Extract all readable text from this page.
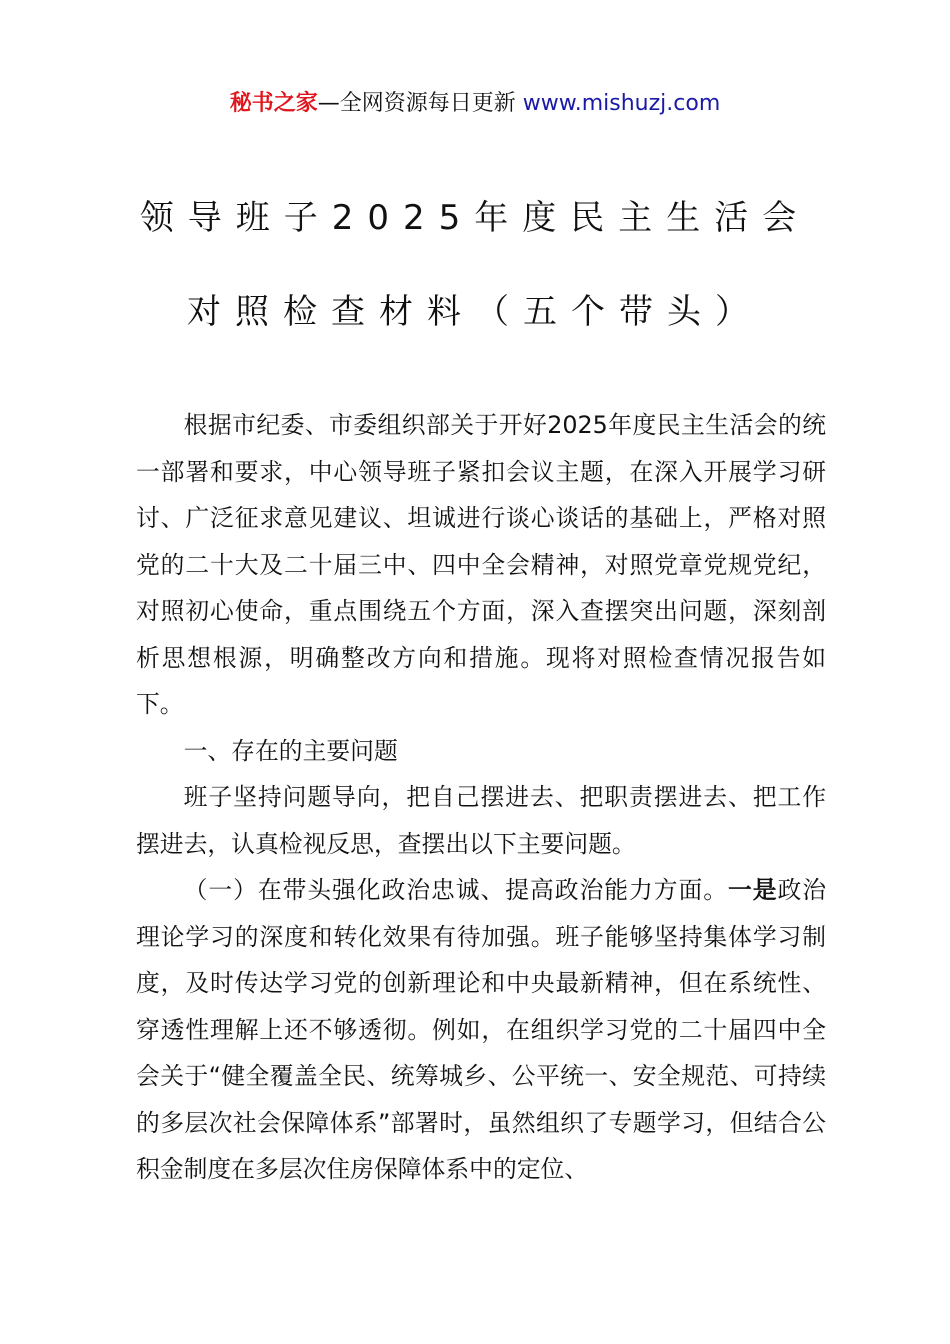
秘书之家—全网资源每日更新 www.mishuzj.com
领导班子2025年度民主生活会
对照检查材料（五个带头）

根据市纪委、市委组织部关于开好2025年度民主生活会的统一部署和要求，中心领导班子紧扣会议主题，在深入开展学习研讨、广泛征求意见建议、坦诚进行谈心谈话的基础上，严格对照党的二十大及二十届三中、四中全会精神，对照党章党规党纪，对照初心使命，重点围绕五个方面，深入查摆突出问题，深刻剖析思想根源，明确整改方向和措施。现将对照检查情况报告如下。

一、存在的主要问题

班子坚持问题导向，把自己摆进去、把职责摆进去、把工作摆进去，认真检视反思，查摆出以下主要问题。

（一）在带头强化政治忠诚、提高政治能力方面。一是政治理论学习的深度和转化效果有待加强。班子能够坚持集体学习制度，及时传达学习党的创新理论和中央最新精神，但在系统性、穿透性理解上还不够透彻。例如，在组织学习党的二十届四中全会关于“健全覆盖全民、统筹城乡、公平统一、安全规范、可持续的多层次社会保障体系”部署时，虽然组织了专题学习，但结合公积金制度在多层次住房保障体系中的定位、
